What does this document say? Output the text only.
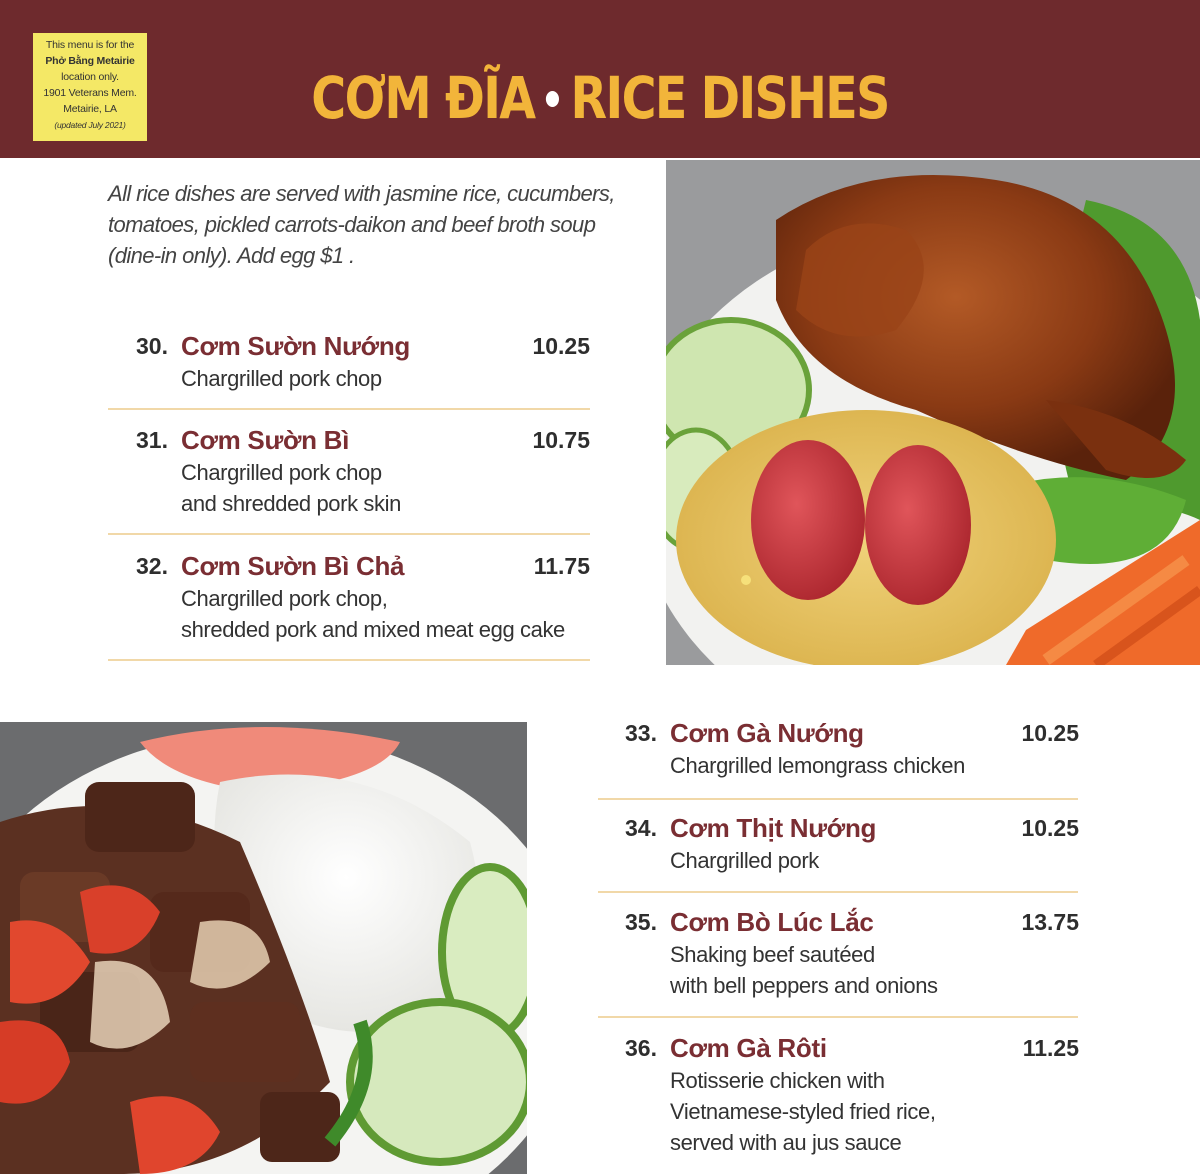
This menu is for the
Phở Bằng Metairie
location only.
1901 Veterans Mem.
Metairie, LA
(updated July 2021)	CƠM ĐĨA RICE DISHES
All rice dishes are served with jasmine rice, cucumbers, tomatoes, pickled carrots-daikon and beef broth soup (dine-in only). Add egg $1 .
30. Cơm Sườn Nướng	10.25
Chargrilled pork chop
31. Cơm Sườn Bì	10.75
Chargrilled pork chop
and shredded pork skin
32. Cơm Sườn Bì Chả	11.75
Chargrilled pork chop,
shredded pork and mixed meat egg cake
33. Cơm Gà Nướng	10.25
Chargrilled lemongrass chicken
34. Cơm Thịt Nướng	10.25
Chargrilled pork
35. Cơm Bò Lúc Lắc	13.75
Shaking beef sautéed
with bell peppers and onions
36. Cơm Gà Rôti	11.25
Rotisserie chicken with
Vietnamese-styled fried rice,
served with au jus sauce
